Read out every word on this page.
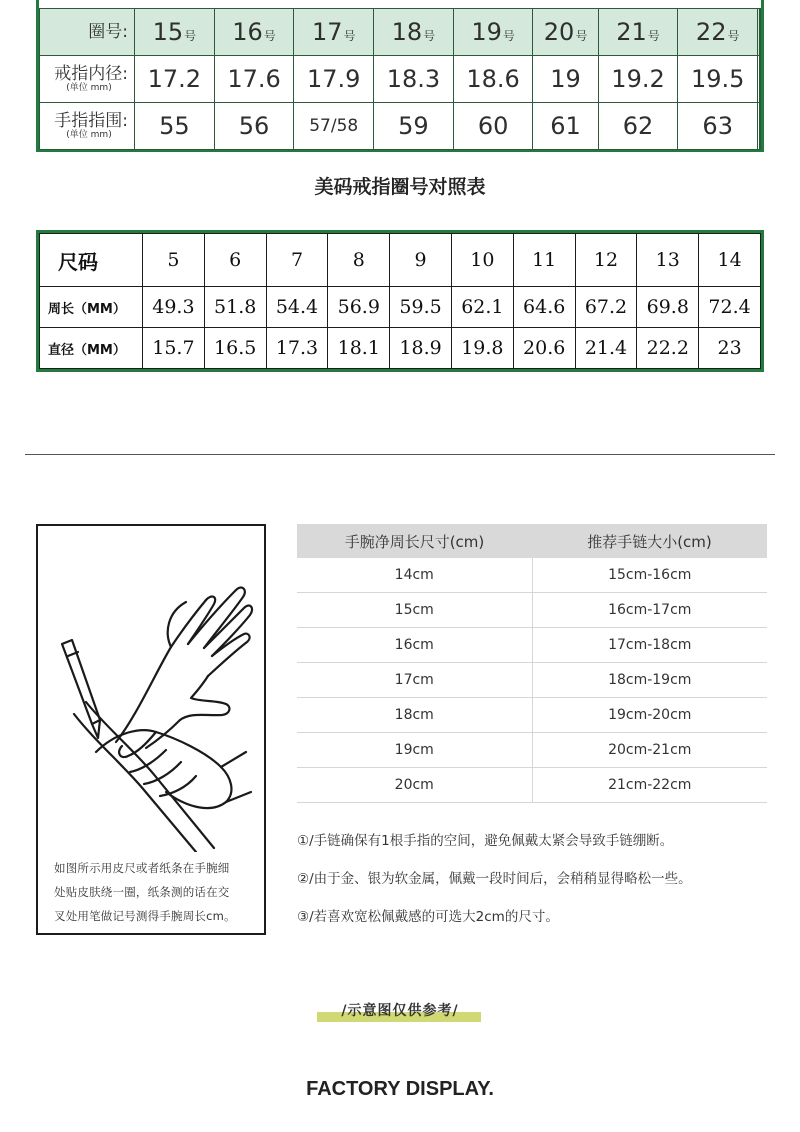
圈号:	15号	16号	17号	18号	19号	20号	21号	22号		
戒指内径:
(单位 mm)	17.2	17.6	17.9	18.3	18.6	19	19.2	19.5		
手指指围:
(单位 mm)	55	56	57/58	59	60	61	62	63		
美码戒指圈号对照表
尺码	5	6	7	8	9	10	11	12	13	14
周长（MM）	49.3	51.8	54.4	56.9	59.5	62.1	64.6	67.2	69.8	72.4
直径（MM）	15.7	16.5	17.3	18.1	18.9	19.8	20.6	21.4	22.2	23
如图所示用皮尺或者纸条在手腕细
处贴皮肤绕一圈，纸条测的话在交
叉处用笔做记号测得手腕周长cm。
手腕净周长尺寸(cm)	推荐手链大小(cm)
14cm	15cm-16cm
15cm	16cm-17cm
16cm	17cm-18cm
17cm	18cm-19cm
18cm	19cm-20cm
19cm	20cm-21cm
20cm	21cm-22cm
①/手链确保有1根手指的空间，避免佩戴太紧会导致手链绷断。
②/由于金、银为软金属，佩戴一段时间后，会稍稍显得略松一些。
③/若喜欢宽松佩戴感的可选大2cm的尺寸。
/示意图仅供参考/
FACTORY DISPLAY.
